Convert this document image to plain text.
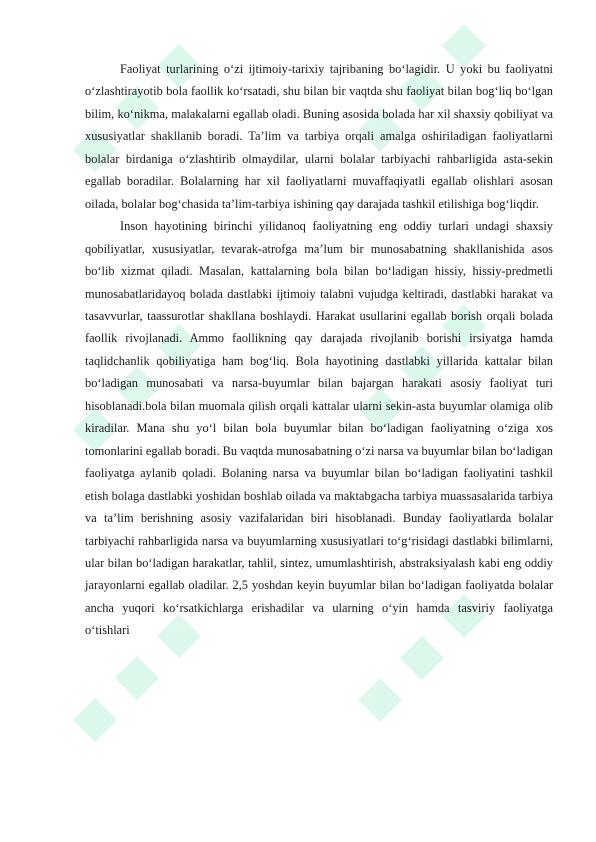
Faoliyat turlarining o‘zi ijtimoiy-tarixiy tajribaning bo‘lagidir. U yoki bu faoliyatni o‘zlashtirayotib bola faollik ko‘rsatadi, shu bilan bir vaqtda shu faoliyat bilan bog‘liq bo‘lgan bilim, ko‘nikma, malakalarni egallab oladi. Buning asosida bolada har xil shaxsiy qobiliyat va xususiyatlar shakllanib boradi. Ta’lim va tarbiya orqali amalga oshiriladigan faoliyatlarni bolalar birdaniga o‘zlashtirib olmaydilar, ularni bolalar tarbiyachi rahbarligida asta-sekin egallab boradilar. Bolalarning har xil faoliyatlarni muvaffaqiyatli egallab olishlari asosan oilada, bolalar bog‘chasida ta’lim-tarbiya ishining qay darajada tashkil etilishiga bog‘liqdir.

Inson hayotining birinchi yilidanoq faoliyatning eng oddiy turlari undagi shaxsiy qobiliyatlar, xususiyatlar, tevarak-atrofga ma’lum bir munosabatning shakllanishida asos bo‘lib xizmat qiladi. Masalan, kattalarning bola bilan bo‘ladigan hissiy, hissiy-predmetli munosabatlaridayoq bolada dastlabki ijtimoiy talabni vujudga keltiradi, dastlabki harakat va tasavvurlar, taassurotlar shakllana boshlaydi. Harakat usullarini egallab borish orqali bolada faollik rivojlanadi. Ammo faollikning qay darajada rivojlanib borishi irsiyatga hamda taqlidchanlik qobiliyatiga ham bog‘liq. Bola hayotining dastlabki yillarida kattalar bilan bo‘ladigan munosabati va narsa-buyumlar bilan bajargan harakati asosiy faoliyat turi hisoblanadi.bola bilan muomala qilish orqali kattalar ularni sekin-asta buyumlar olamiga olib kiradilar. Mana shu yo‘l bilan bola buyumlar bilan bo‘ladigan faoliyatning o‘ziga xos tomonlarini egallab boradi. Bu vaqtda munosabatning o‘zi narsa va buyumlar bilan bo‘ladigan faoliyatga aylanib qoladi. Bolaning narsa va buyumlar bilan bo‘ladigan faoliyatini tashkil etish bolaga dastlabki yoshidan boshlab oilada va maktabgacha tarbiya muassasalarida tarbiya va ta’lim berishning asosiy vazifalaridan biri hisoblanadi. Bunday faoliyatlarda bolalar tarbiyachi rahbarligida narsa va buyumlarning xususiyatlari to‘g‘risidagi dastlabki bilimlarni, ular bilan bo‘ladigan harakatlar, tahlil, sintez, umumlashtirish, abstraksiyalash kabi eng oddiy jarayonlarni egallab oladilar. 2,5 yoshdan keyin buyumlar bilan bo‘ladigan faoliyatda bolalar ancha yuqori ko‘rsatkichlarga erishadilar va ularning o‘yin hamda tasviriy faoliyatga o‘tishlari
